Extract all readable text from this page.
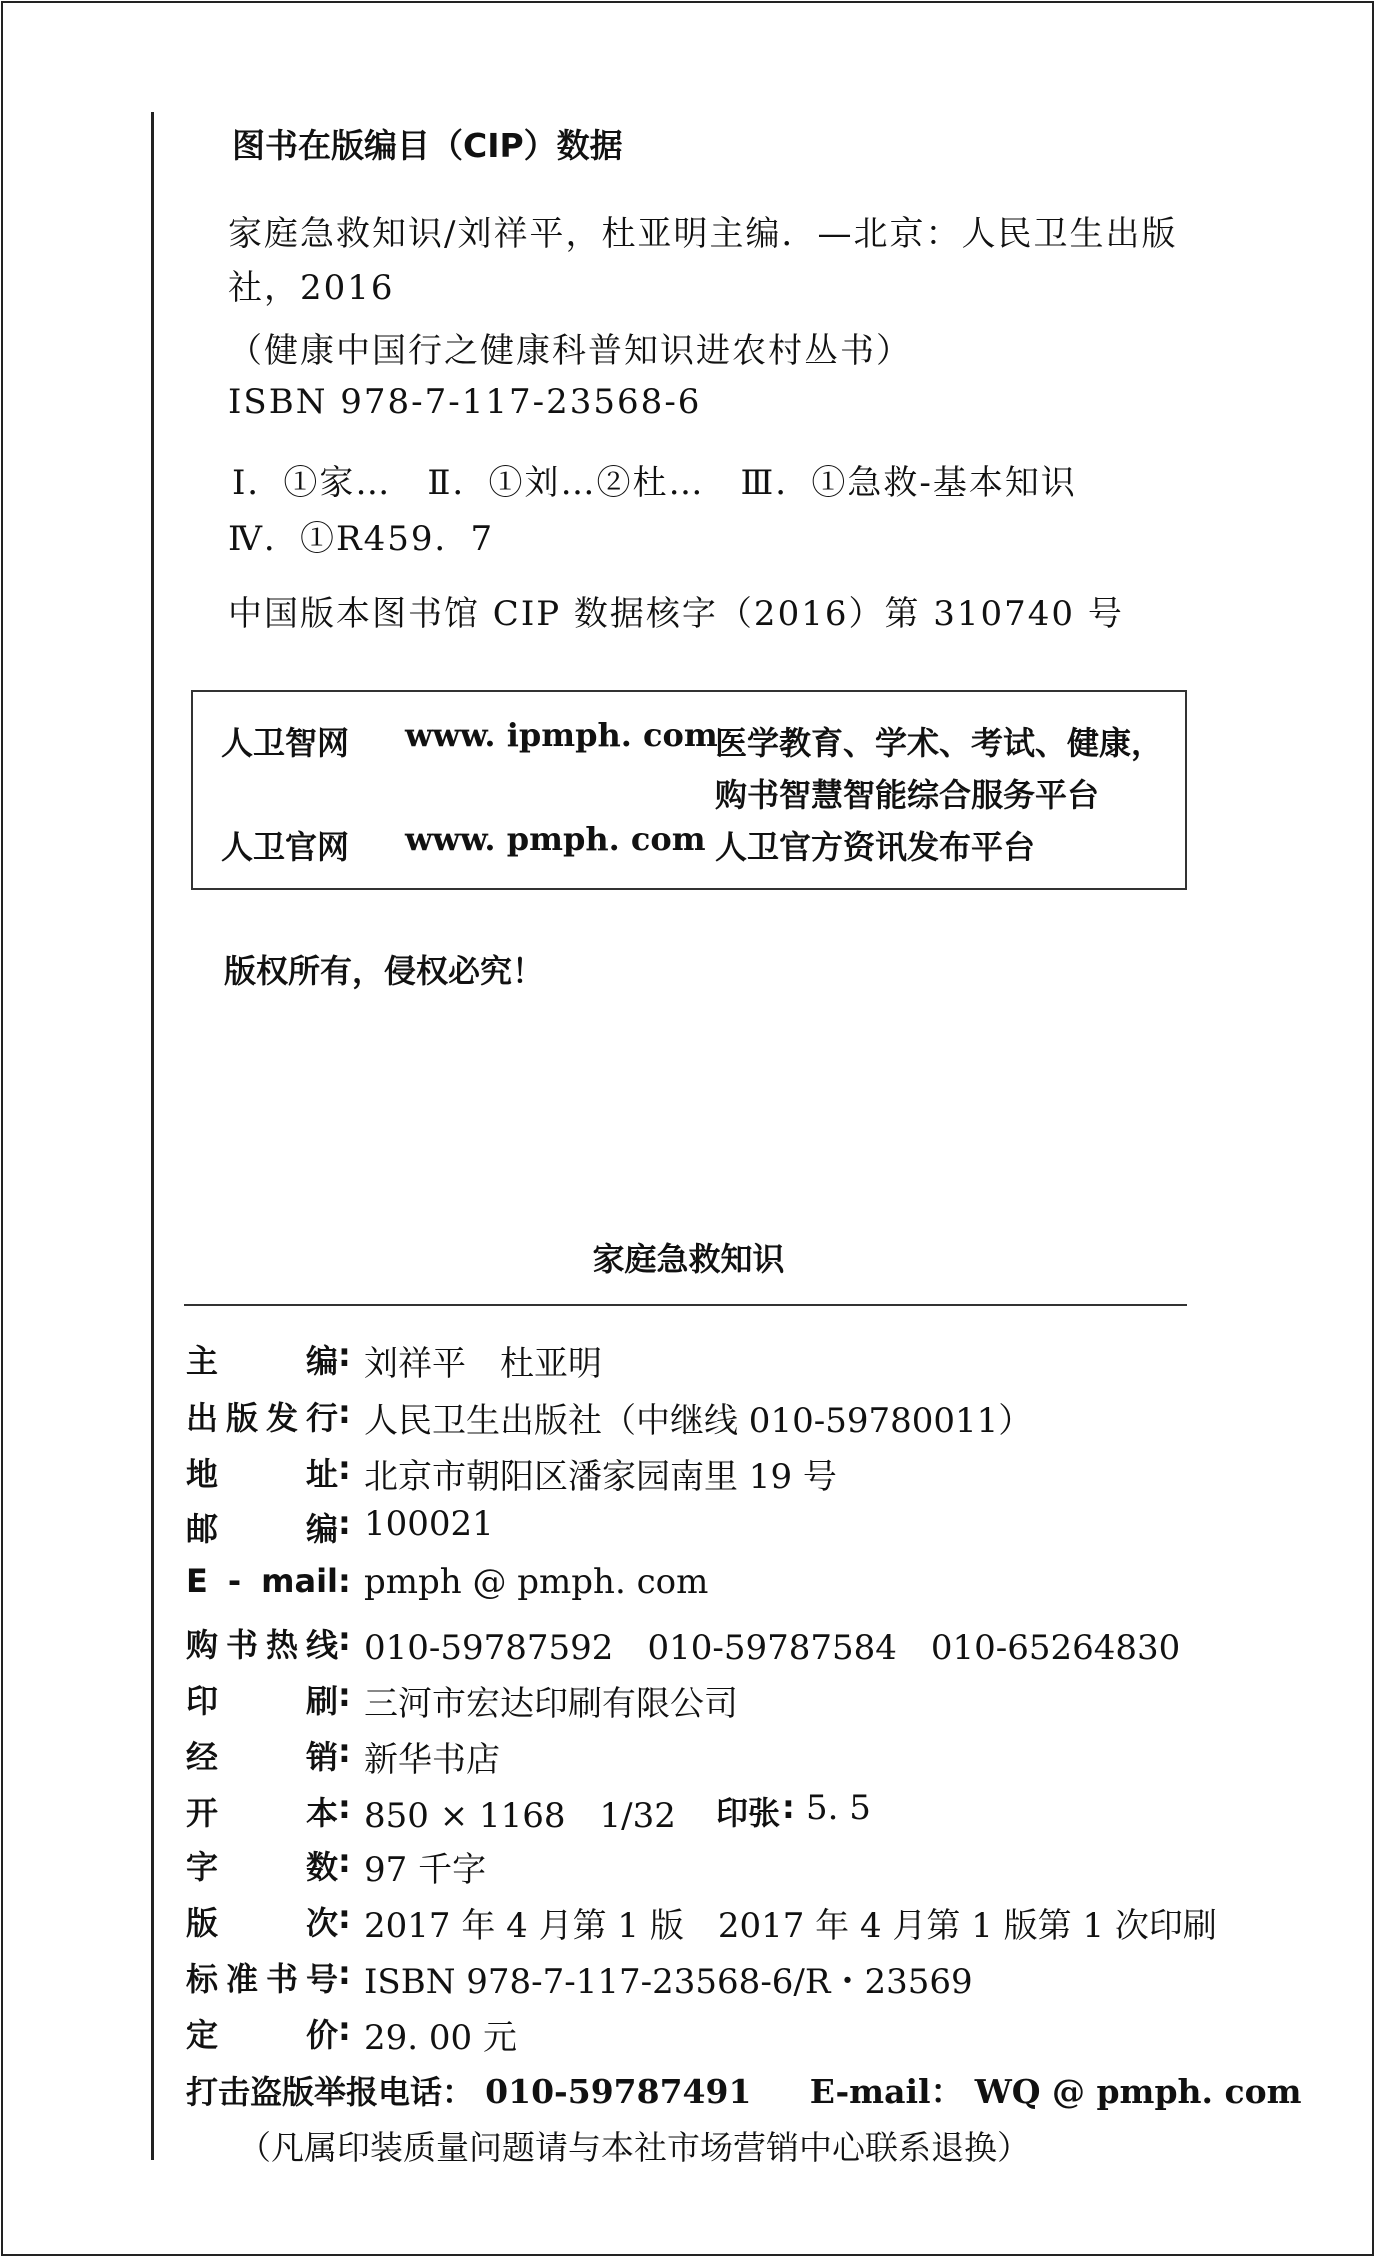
图书在版编目（CIP）数据
家庭急救知识/刘祥平，杜亚明主编．—北京：人民卫生出版
社，2016
（健康中国行之健康科普知识进农村丛书）
ISBN 978-7-117-23568-6
Ⅰ．①家…　Ⅱ．①刘…②杜…　Ⅲ．①急救-基本知识
Ⅳ．①R459．7
中国版本图书馆 CIP 数据核字（2016）第 310740 号
人卫智网 www. ipmph. com
医学教育、学术、考试、健康，
购书智慧智能综合服务平台
人卫官网 www. pmph. com 人卫官方资讯发布平台
版权所有，侵权必究！
家庭急救知识
主编 : 刘祥平　杜亚明
出版发行 : 人民卫生出版社（中继线 010-59780011）
地址 : 北京市朝阳区潘家园南里 19 号
邮编 : 100021
E - mail : pmph @ pmph. com
购书热线 : 010-59787592　010-59787584　010-65264830
印刷 : 三河市宏达印刷有限公司
经销 : 新华书店
开本 : 850 × 1168　1/32 印张 : 5. 5
字数 : 97 千字
版次 : 2017 年 4 月第 1 版　2017 年 4 月第 1 版第 1 次印刷
标准书号 : ISBN 978-7-117-23568-6/R・23569
定价 : 29. 00 元
打击盗版举报电话： 010-59787491 E-mail： WQ @ pmph. com
（凡属印装质量问题请与本社市场营销中心联系退换）
